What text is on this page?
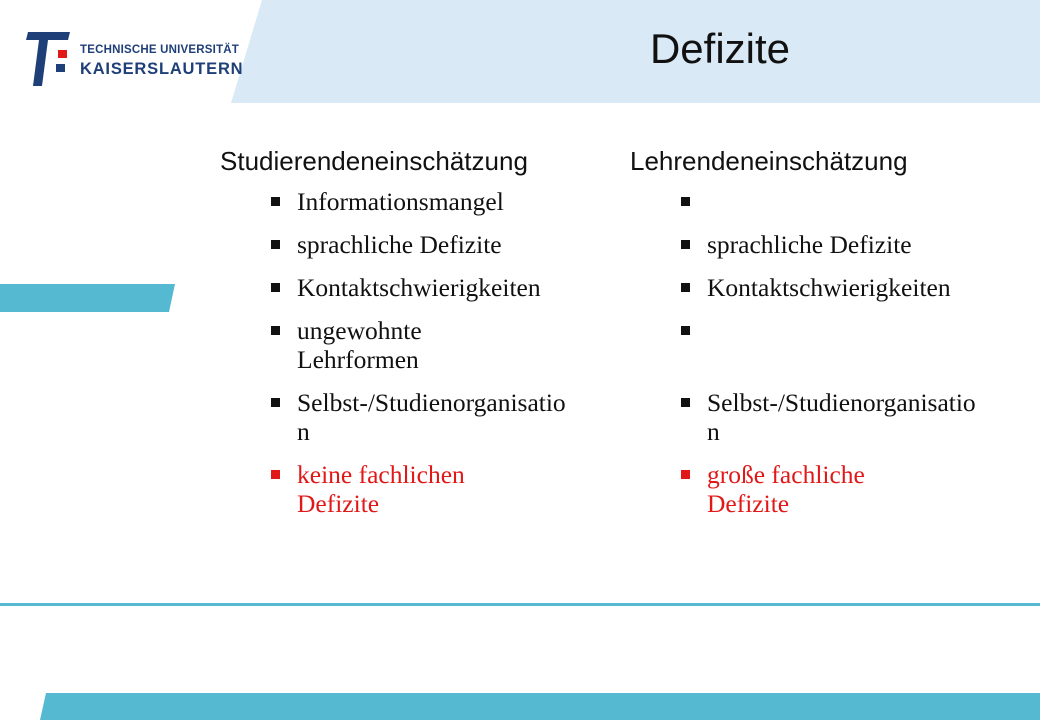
TECHNISCHE UNIVERSITÄT
KAISERSLAUTERN	Defizite
Studierendeneinschätzung
Informationsmangel
sprachliche Defizite
Kontaktschwierigkeiten
ungewohnte Lehrformen
Selbst-/Studienorganisation
keine fachlichen Defizite
Lehrendeneinschätzung
sprachliche Defizite
Kontaktschwierigkeiten
Selbst-/Studienorganisation
große fachliche Defizite
